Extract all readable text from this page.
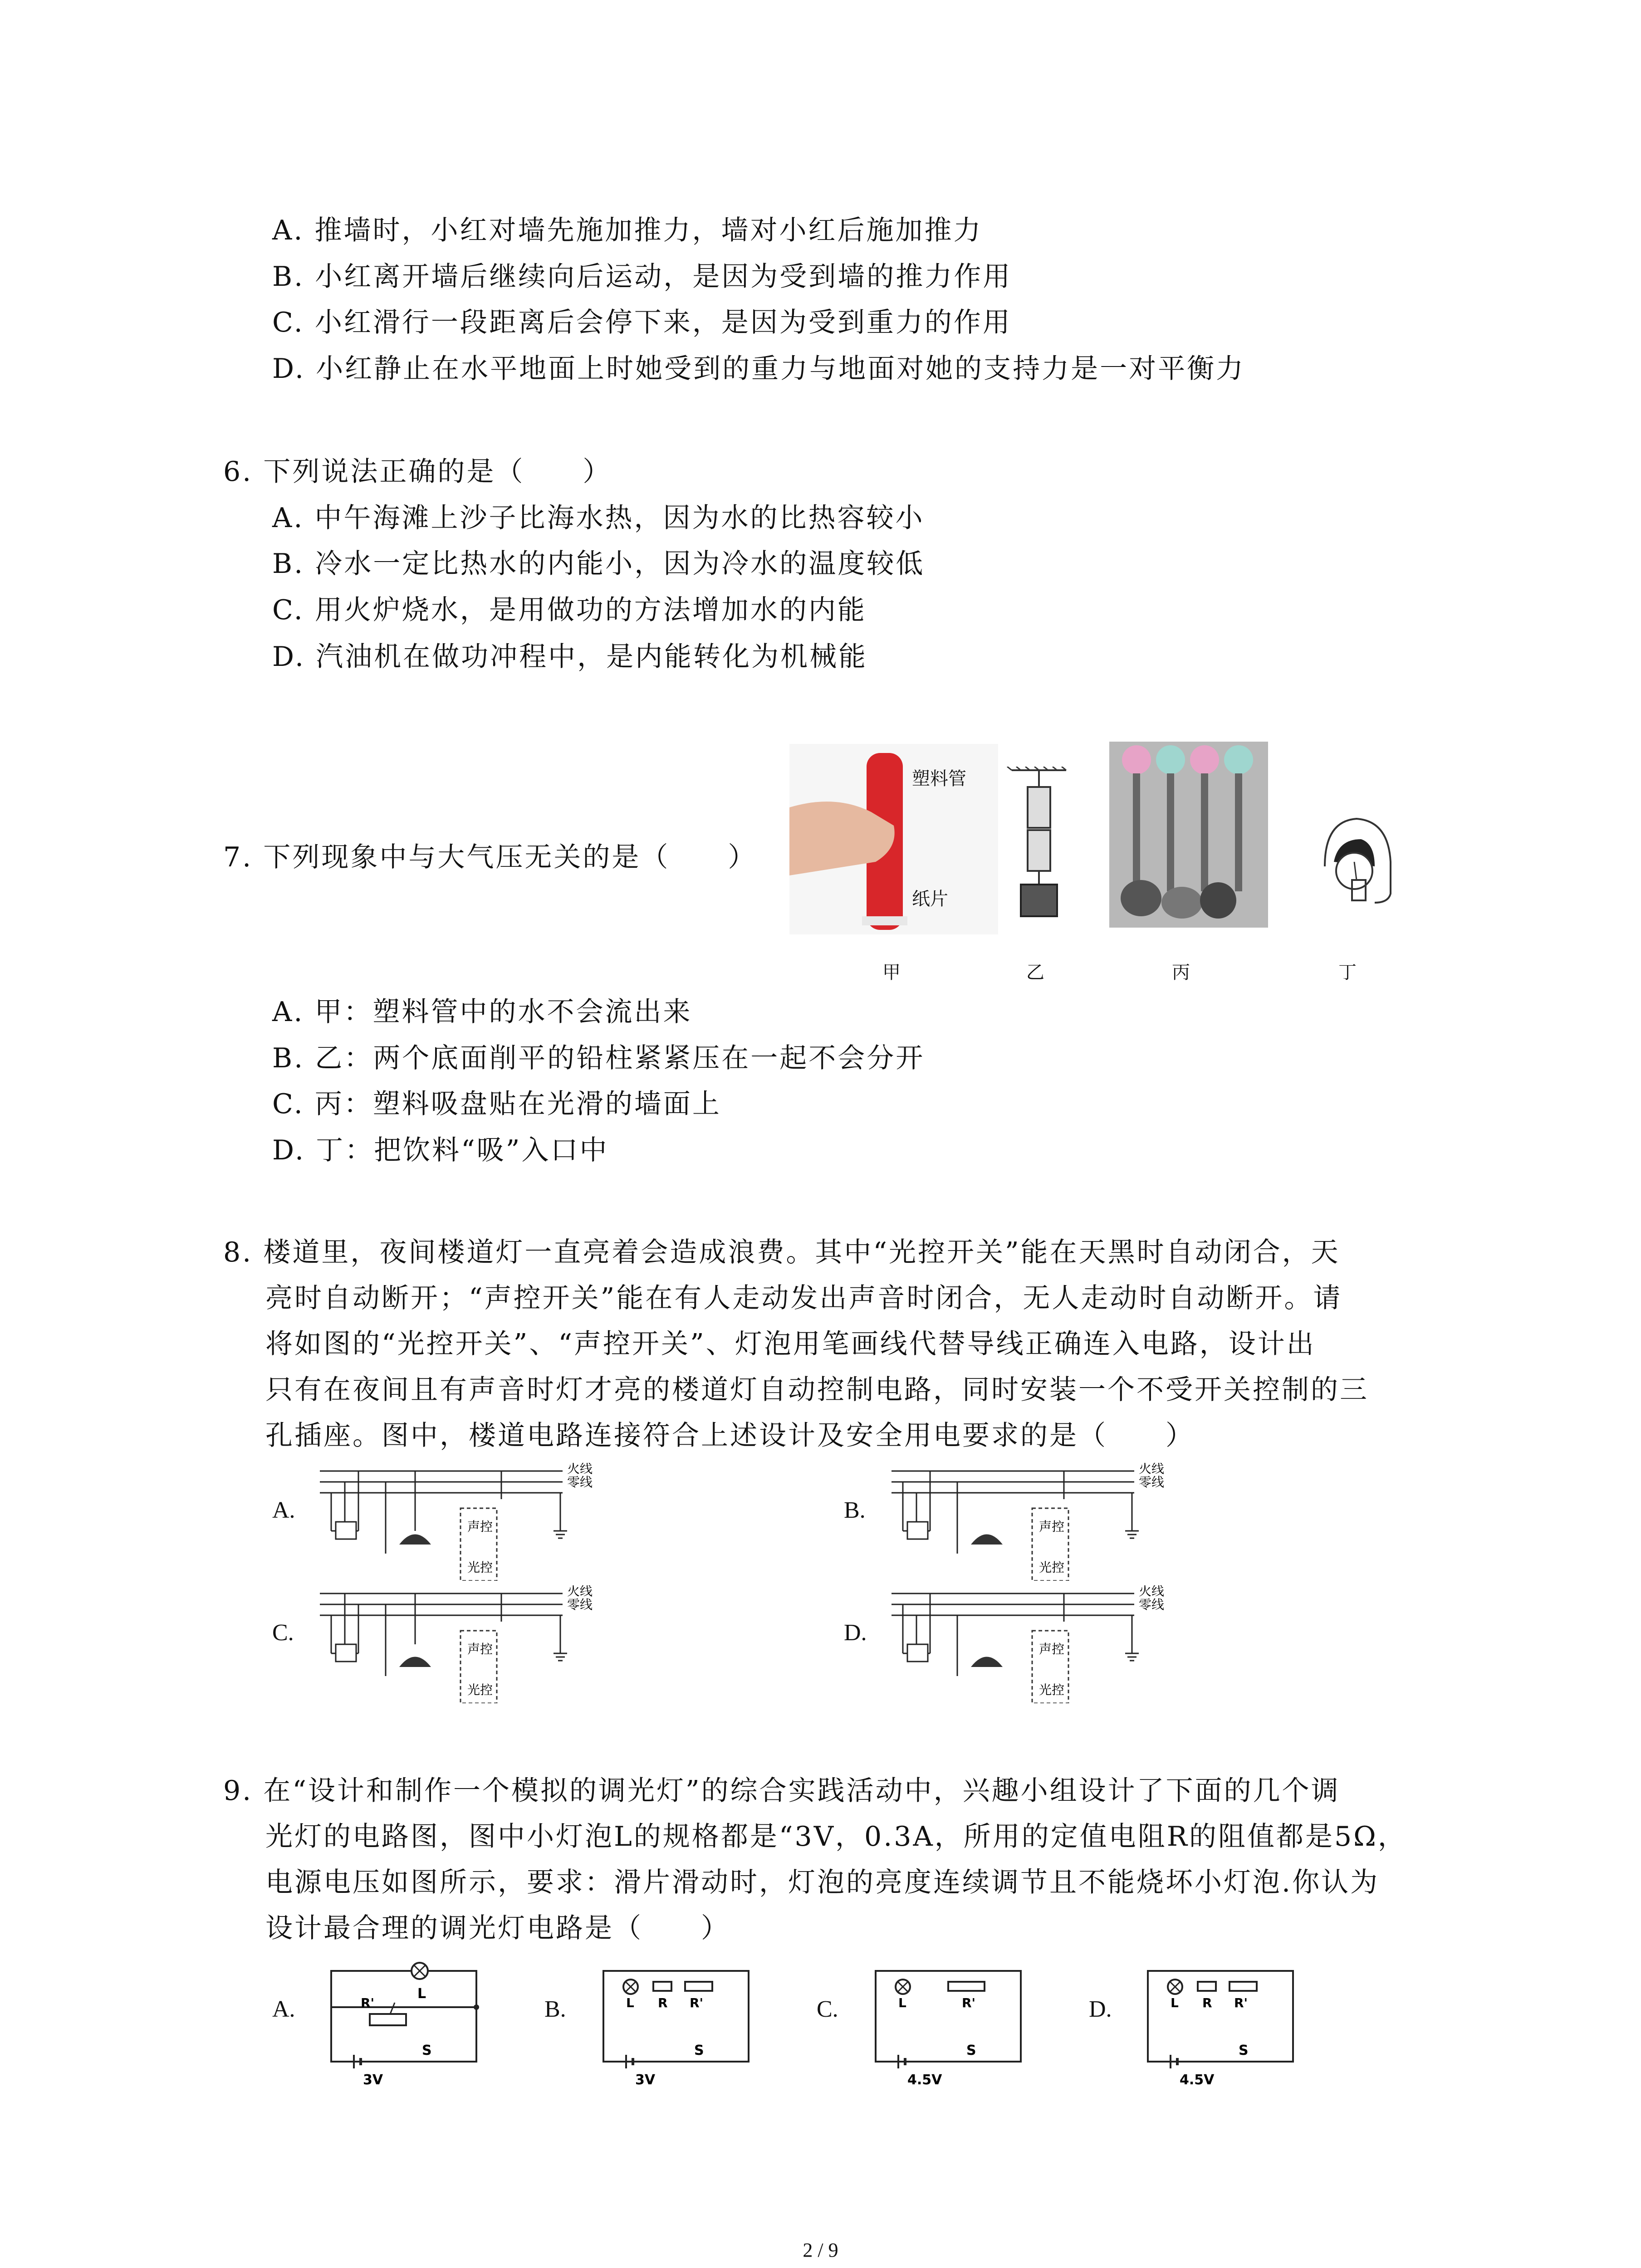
A. 推墙时，小红对墙先施加推力，墙对小红后施加推力
B. 小红离开墙后继续向后运动，是因为受到墙的推力作用
C. 小红滑行一段距离后会停下来，是因为受到重力的作用
D. 小红静止在水平地面上时她受到的重力与地面对她的支持力是一对平衡力
6. 下列说法正确的是（　　）
A. 中午海滩上沙子比海水热，因为水的比热容较小
B. 冷水一定比热水的内能小，因为冷水的温度较低
C. 用火炉烧水，是用做功的方法增加水的内能
D. 汽油机在做功冲程中，是内能转化为机械能
7. 下列现象中与大气压无关的是（　　）
塑料管
纸片
甲	乙	丙	丁
A. 甲：塑料管中的水不会流出来
B. 乙：两个底面削平的铅柱紧紧压在一起不会分开
C. 丙：塑料吸盘贴在光滑的墙面上
D. 丁：把饮料“吸”入口中
8. 楼道里，夜间楼道灯一直亮着会造成浪费。其中“光控开关”能在天黑时自动闭合，天
亮时自动断开；“声控开关”能在有人走动发出声音时闭合，无人走动时自动断开。请
将如图的“光控开关”、“声控开关”、灯泡用笔画线代替导线正确连入电路，设计出
只有在夜间且有声音时灯才亮的楼道灯自动控制电路，同时安装一个不受开关控制的三
孔插座。图中，楼道电路连接符合上述设计及安全用电要求的是（　　）
A.	B.
C.	D.
火线
零线
声控
光控
火线
零线
声控
光控
火线
零线
声控
光控
火线
零线
声控
光控
9. 在“设计和制作一个模拟的调光灯”的综合实践活动中，兴趣小组设计了下面的几个调
光灯的电路图，图中小灯泡L的规格都是“3V，0.3A，所用的定值电阻R的阻值都是5Ω，
电源电压如图所示，要求：滑片滑动时，灯泡的亮度连续调节且不能烧坏小灯泡.你认为
设计最合理的调光灯电路是（　　）
A.	B.	C.	D.
L
R'
S
3V
L R R'
S
3V
L	R'
S
4.5V
L R R'
S
4.5V
2 / 9
